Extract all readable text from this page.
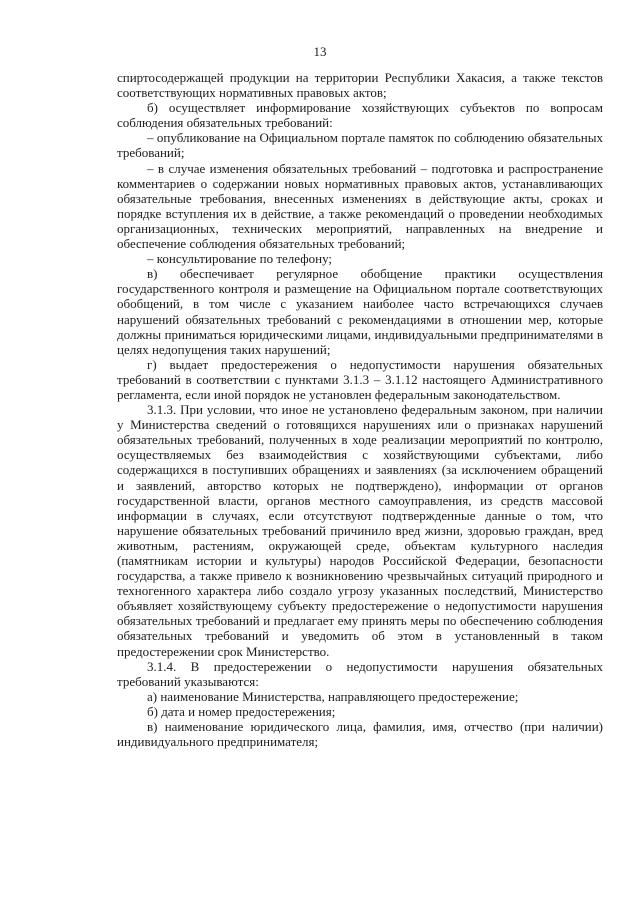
13

спиртосодержащей продукции на территории Республики Хакасия, а также текстов соответствующих нормативных правовых актов;

б) осуществляет информирование хозяйствующих субъектов по вопросам соблюдения обязательных требований:

– опубликование на Официальном портале памяток по соблюдению обязательных требований;

– в случае изменения обязательных требований – подготовка и распространение комментариев о содержании новых нормативных правовых актов, устанавливающих обязательные требования, внесенных изменениях в действующие акты, сроках и порядке вступления их в действие, а также рекомендаций о проведении необходимых организационных, технических мероприятий, направленных на внедрение и обеспечение соблюдения обязательных требований;

– консультирование по телефону;

в) обеспечивает регулярное обобщение практики осуществления государственного контроля и размещение на Официальном портале соответствующих обобщений, в том числе с указанием наиболее часто встречающихся случаев нарушений обязательных требований с рекомендациями в отношении мер, которые должны приниматься юридическими лицами, индивидуальными предпринимателями в целях недопущения таких нарушений;

г) выдает предостережения о недопустимости нарушения обязательных требований в соответствии с пунктами 3.1.3 – 3.1.12 настоящего Административного регламента, если иной порядок не установлен федеральным законодательством.

3.1.3. При условии, что иное не установлено федеральным законом, при наличии у Министерства сведений о готовящихся нарушениях или о признаках нарушений обязательных требований, полученных в ходе реализации мероприятий по контролю, осуществляемых без взаимодействия с хозяйствующими субъектами, либо содержащихся в поступивших обращениях и заявлениях (за исключением обращений и заявлений, авторство которых не подтверждено), информации от органов государственной власти, органов местного самоуправления, из средств массовой информации в случаях, если отсутствуют подтвержденные данные о том, что нарушение обязательных требований причинило вред жизни, здоровью граждан, вред животным, растениям, окружающей среде, объектам культурного наследия (памятникам истории и культуры) народов Российской Федерации, безопасности государства, а также привело к возникновению чрезвычайных ситуаций природного и техногенного характера либо создало угрозу указанных последствий, Министерство объявляет хозяйствующему субъекту предостережение о недопустимости нарушения обязательных требований и предлагает ему принять меры по обеспечению соблюдения обязательных требований и уведомить об этом в установленный в таком предостережении срок Министерство.

3.1.4. В предостережении о недопустимости нарушения обязательных требований указываются:

а) наименование Министерства, направляющего предостережение;

б) дата и номер предостережения;

в) наименование юридического лица, фамилия, имя, отчество (при наличии) индивидуального предпринимателя;
